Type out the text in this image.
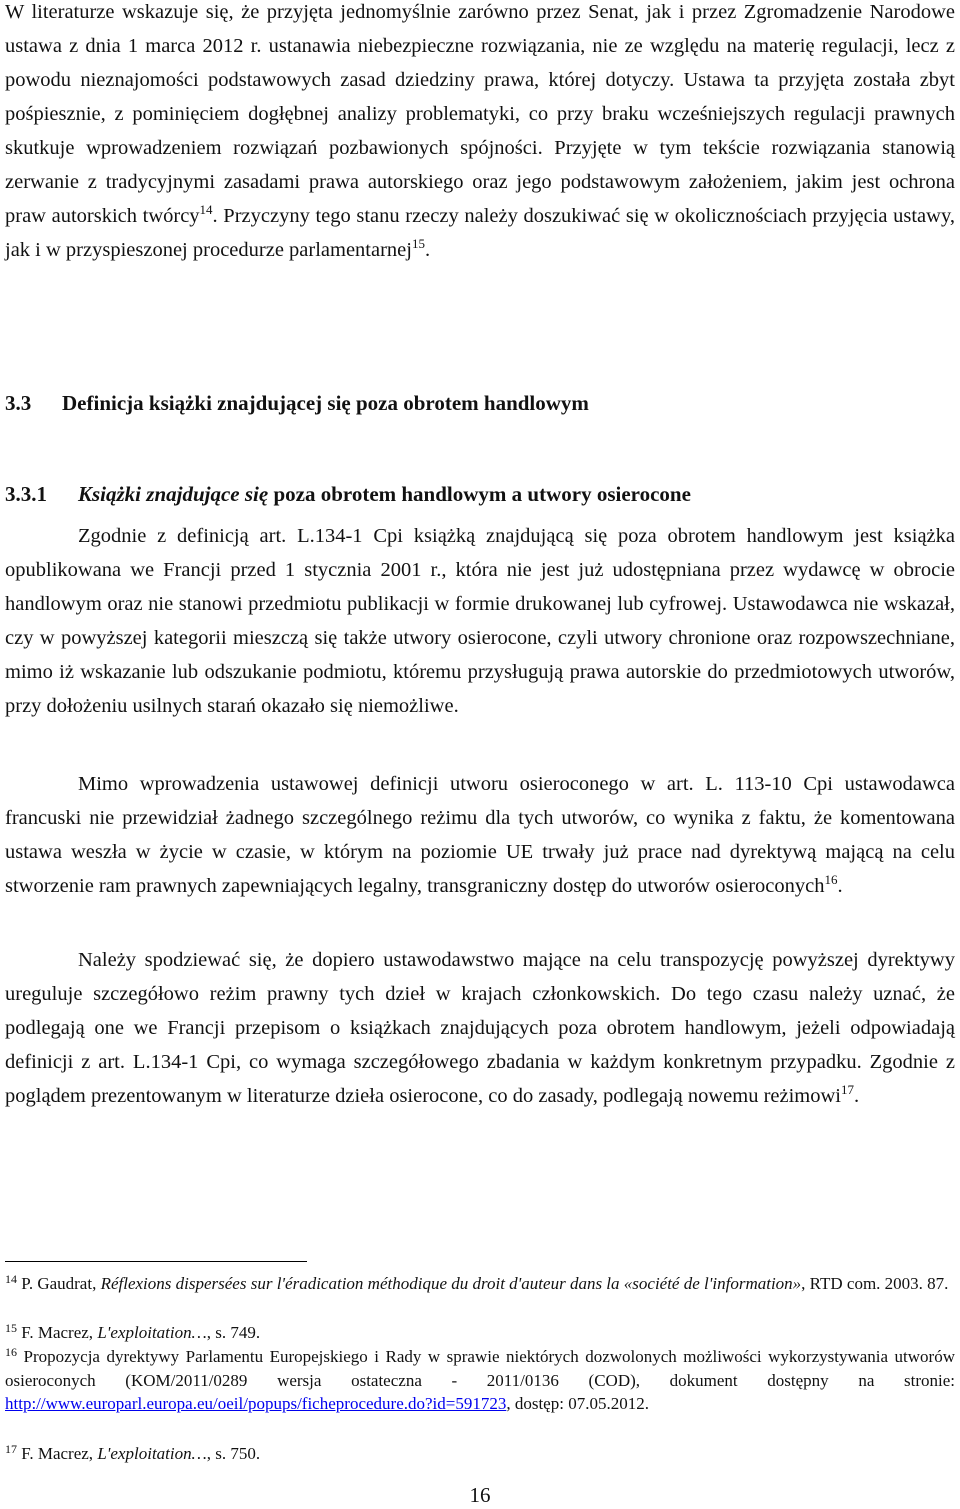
W literaturze wskazuje się, że przyjęta jednomyślnie zarówno przez Senat, jak i przez Zgromadzenie Narodowe ustawa z dnia 1 marca 2012 r. ustanawia niebezpieczne rozwiązania, nie ze względu na materię regulacji, lecz z powodu nieznajomości podstawowych zasad dziedziny prawa, której dotyczy. Ustawa ta przyjęta została zbyt pośpiesznie, z pominięciem dogłębnej analizy problematyki, co przy braku wcześniejszych regulacji prawnych skutkuje wprowadzeniem rozwiązań pozbawionych spójności. Przyjęte w tym tekście rozwiązania stanowią zerwanie z tradycyjnymi zasadami prawa autorskiego oraz jego podstawowym założeniem, jakim jest ochrona praw autorskich twórcy$^{14}$. Przyczyny tego stanu rzeczy należy doszukiwać się w okolicznościach przyjęcia ustawy, jak i w przyspieszonej procedurze parlamentarnej$^{15}$.

3.3 Definicja książki znajdującej się poza obrotem handlowym
3.3.1 Książki znajdujące się poza obrotem handlowym a utwory osierocone

Zgodnie z definicją art. L.134-1 Cpi książką znajdującą się poza obrotem handlowym jest książka opublikowana we Francji przed 1 stycznia 2001 r., która nie jest już udostępniana przez wydawcę w obrocie handlowym oraz nie stanowi przedmiotu publikacji w formie drukowanej lub cyfrowej. Ustawodawca nie wskazał, czy w powyższej kategorii mieszczą się także utwory osierocone, czyli utwory chronione oraz rozpowszechniane, mimo iż wskazanie lub odszukanie podmiotu, któremu przysługują prawa autorskie do przedmiotowych utworów, przy dołożeniu usilnych starań okazało się niemożliwe.

Mimo wprowadzenia ustawowej definicji utworu osieroconego w art. L. 113-10 Cpi ustawodawca francuski nie przewidział żadnego szczególnego reżimu dla tych utworów, co wynika z faktu, że komentowana ustawa weszła w życie w czasie, w którym na poziomie UE trwały już prace nad dyrektywą mającą na celu stworzenie ram prawnych zapewniających legalny, transgraniczny dostęp do utworów osieroconych$^{16}$.

Należy spodziewać się, że dopiero ustawodawstwo mające na celu transpozycję powyższej dyrektywy ureguluje szczegółowo reżim prawny tych dzieł w krajach członkowskich. Do tego czasu należy uznać, że podlegają one we Francji przepisom o książkach znajdujących poza obrotem handlowym, jeżeli odpowiadają definicji z art. L.134-1 Cpi, co wymaga szczegółowego zbadania w każdym konkretnym przypadku. Zgodnie z poglądem prezentowanym w literaturze dzieła osierocone, co do zasady, podlegają nowemu reżimowi$^{17}$.

$^{14}$ P. Gaudrat, Réflexions dispersées sur l'éradication méthodique du droit d'auteur dans la «société de l'information», RTD com. 2003. 87.

$^{15}$ F. Macrez, L'exploitation…, s. 749.

$^{16}$ Propozycja dyrektywy Parlamentu Europejskiego i Rady w sprawie niektórych dozwolonych możliwości wykorzystywania utworów osieroconych (KOM/2011/0289 wersja ostateczna - 2011/0136 (COD), dokument dostępny na stronie: http://www.europarl.europa.eu/oeil/popups/ficheprocedure.do?id=591723, dostęp: 07.05.2012.

$^{17}$ F. Macrez, L'exploitation…, s. 750.

16
